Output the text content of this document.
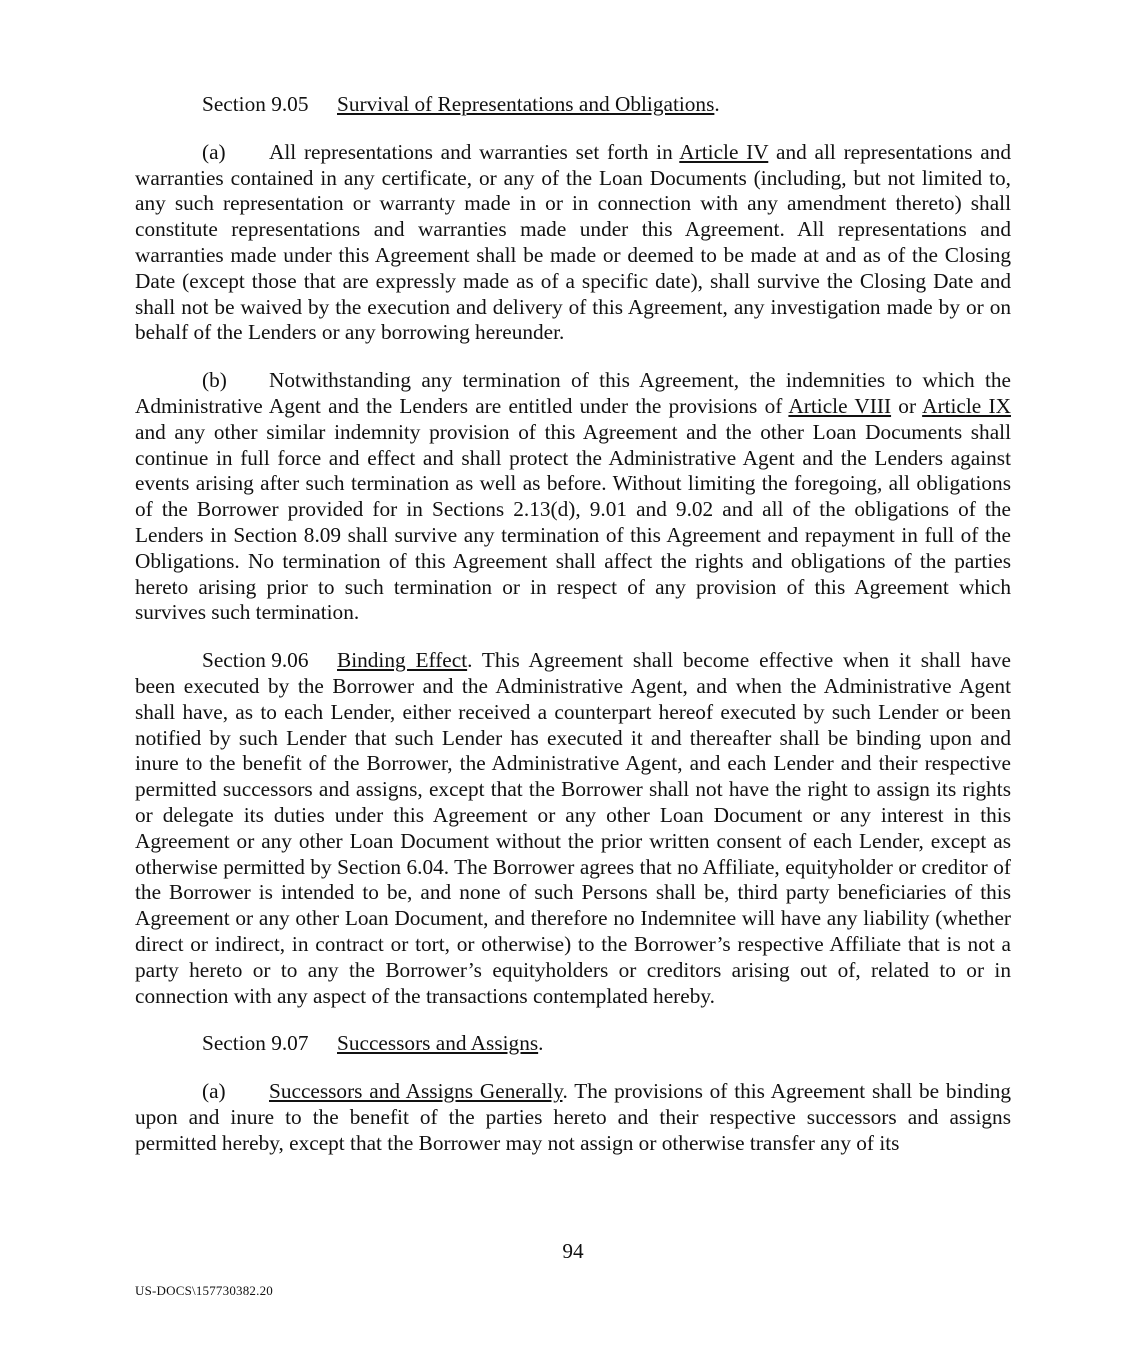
Section 9.05 Survival of Representations and Obligations.

(a) All representations and warranties set forth in Article IV and all representations and warranties contained in any certificate, or any of the Loan Documents (including, but not limited to, any such representation or warranty made in or in connection with any amendment thereto) shall constitute representations and warranties made under this Agreement. All representations and warranties made under this Agreement shall be made or deemed to be made at and as of the Closing Date (except those that are expressly made as of a specific date), shall survive the Closing Date and shall not be waived by the execution and delivery of this Agreement, any investigation made by or on behalf of the Lenders or any borrowing hereunder.

(b) Notwithstanding any termination of this Agreement, the indemnities to which the Administrative Agent and the Lenders are entitled under the provisions of Article VIII or Article IX and any other similar indemnity provision of this Agreement and the other Loan Documents shall continue in full force and effect and shall protect the Administrative Agent and the Lenders against events arising after such termination as well as before. Without limiting the foregoing, all obligations of the Borrower provided for in Sections 2.13(d), 9.01 and 9.02 and all of the obligations of the Lenders in Section 8.09 shall survive any termination of this Agreement and repayment in full of the Obligations. No termination of this Agreement shall affect the rights and obligations of the parties hereto arising prior to such termination or in respect of any provision of this Agreement which survives such termination.

Section 9.06 Binding Effect. This Agreement shall become effective when it shall have been executed by the Borrower and the Administrative Agent, and when the Administrative Agent shall have, as to each Lender, either received a counterpart hereof executed by such Lender or been notified by such Lender that such Lender has executed it and thereafter shall be binding upon and inure to the benefit of the Borrower, the Administrative Agent, and each Lender and their respective permitted successors and assigns, except that the Borrower shall not have the right to assign its rights or delegate its duties under this Agreement or any other Loan Document or any interest in this Agreement or any other Loan Document without the prior written consent of each Lender, except as otherwise permitted by Section 6.04. The Borrower agrees that no Affiliate, equityholder or creditor of the Borrower is intended to be, and none of such Persons shall be, third party beneficiaries of this Agreement or any other Loan Document, and therefore no Indemnitee will have any liability (whether direct or indirect, in contract or tort, or otherwise) to the Borrower’s respective Affiliate that is not a party hereto or to any the Borrower’s equityholders or creditors arising out of, related to or in connection with any aspect of the transactions contemplated hereby.

Section 9.07 Successors and Assigns.

(a) Successors and Assigns Generally. The provisions of this Agreement shall be binding upon and inure to the benefit of the parties hereto and their respective successors and assigns permitted hereby, except that the Borrower may not assign or otherwise transfer any of its

94
US-DOCS\157730382.20
